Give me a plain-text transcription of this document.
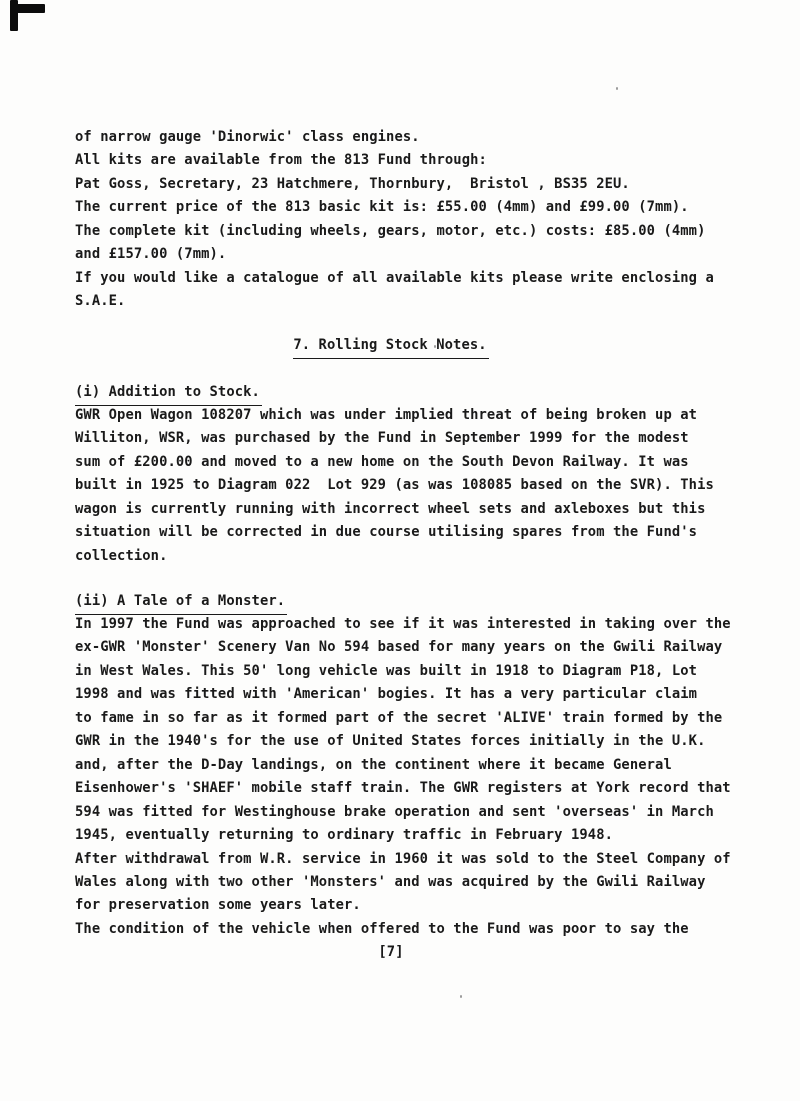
of narrow gauge 'Dinorwic' class engines.
All kits are available from the 813 Fund through:
Pat Goss, Secretary, 23 Hatchmere, Thornbury,  Bristol , BS35 2EU.
The current price of the 813 basic kit is: £55.00 (4mm) and £99.00 (7mm).
The complete kit (including wheels, gears, motor, etc.) costs: £85.00 (4mm)
and £157.00 (7mm).
If you would like a catalogue of all available kits please write enclosing a
S.A.E.
7. Rolling Stock Notes.
(i) Addition to Stock.
GWR Open Wagon 108207 which was under implied threat of being broken up at
Williton, WSR, was purchased by the Fund in September 1999 for the modest
sum of £200.00 and moved to a new home on the South Devon Railway. It was
built in 1925 to Diagram 022  Lot 929 (as was 108085 based on the SVR). This
wagon is currently running with incorrect wheel sets and axleboxes but this
situation will be corrected in due course utilising spares from the Fund's
collection.
(ii) A Tale of a Monster.
In 1997 the Fund was approached to see if it was interested in taking over the
ex-GWR 'Monster' Scenery Van No 594 based for many years on the Gwili Railway
in West Wales. This 50' long vehicle was built in 1918 to Diagram P18, Lot
1998 and was fitted with 'American' bogies. It has a very particular claim
to fame in so far as it formed part of the secret 'ALIVE' train formed by the
GWR in the 1940's for the use of United States forces initially in the U.K.
and, after the D-Day landings, on the continent where it became General
Eisenhower's 'SHAEF' mobile staff train. The GWR registers at York record that
594 was fitted for Westinghouse brake operation and sent 'overseas' in March
1945, eventually returning to ordinary traffic in February 1948.
After withdrawal from W.R. service in 1960 it was sold to the Steel Company of
Wales along with two other 'Monsters' and was acquired by the Gwili Railway
for preservation some years later.
The condition of the vehicle when offered to the Fund was poor to say the
[7]
